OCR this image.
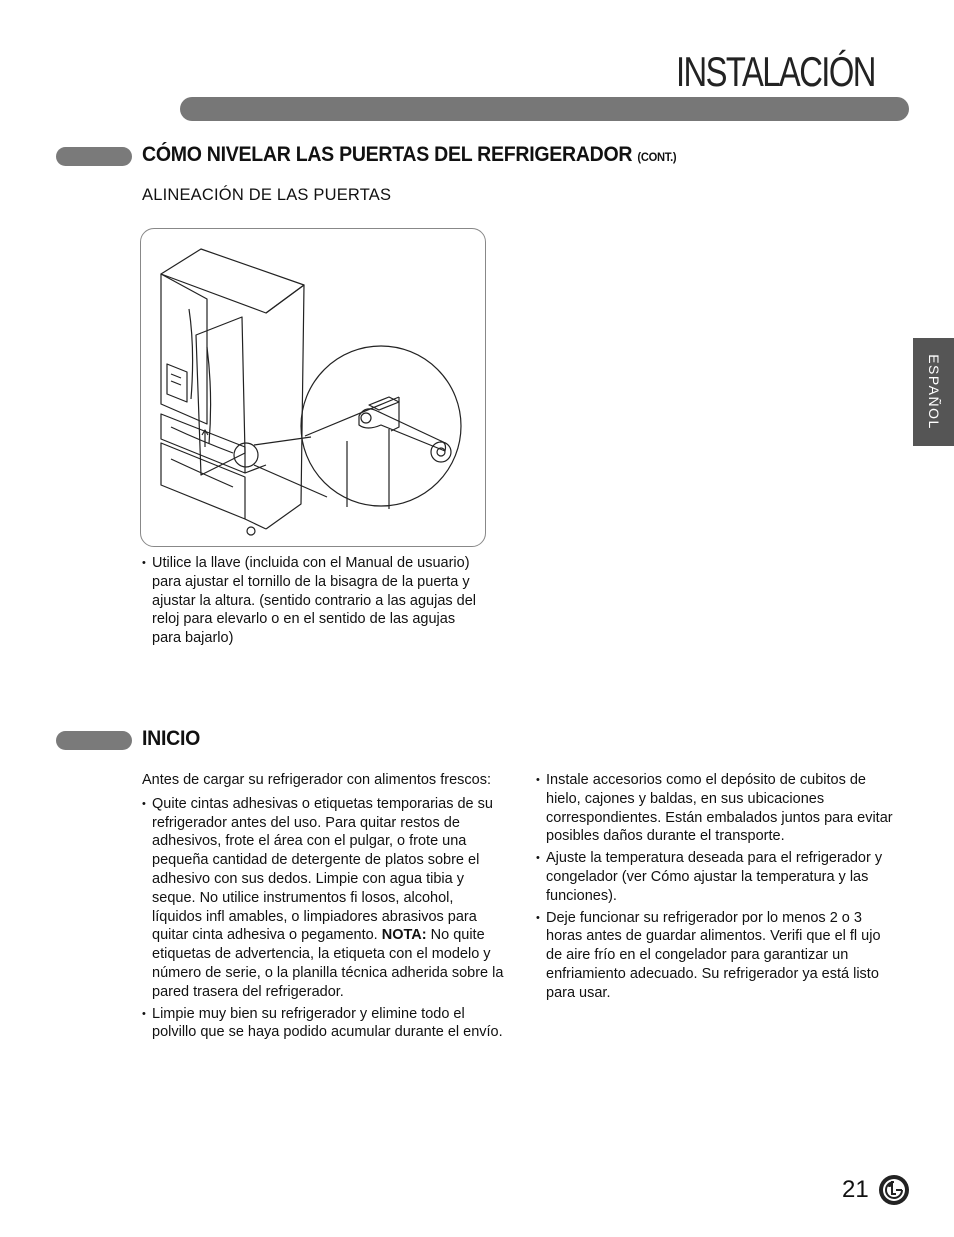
INSTALACIÓN
ESPAÑOL
CÓMO NIVELAR LAS PUERTAS DEL REFRIGERADOR (CONT.)
ALINEACIÓN DE LAS PUERTAS
• Utilice la llave (incluida con el Manual de usuario) para ajustar el tornillo de la bisagra de la puerta y ajustar la altura. (sentido contrario a las agujas del reloj para elevarlo o en el sentido de las agujas para bajarlo)
INICIO
Antes de cargar su refrigerador con alimentos frescos:
• Quite cintas adhesivas o etiquetas temporarias de su refrigerador antes del uso. Para quitar restos de adhesivos, frote el área con el pulgar, o frote una pequeña cantidad de detergente de platos sobre el adhesivo con sus dedos. Limpie con agua tibia y seque. No utilice instrumentos fi losos, alcohol, líquidos infl amables, o limpiadores abrasivos para quitar cinta adhesiva o pegamento. NOTA: No quite etiquetas de advertencia, la etiqueta con el modelo y número de serie, o la planilla técnica adherida sobre la pared trasera del refrigerador.
• Limpie muy bien su refrigerador y elimine todo el polvillo que se haya podido acumular durante el envío.
• Instale accesorios como el depósito de cubitos de hielo, cajones y baldas, en sus ubicaciones correspondientes. Están embalados juntos para evitar posibles daños durante el transporte.
• Ajuste la temperatura deseada para el refrigerador y congelador (ver Cómo ajustar la temperatura y las funciones).
• Deje funcionar su refrigerador por lo menos 2 o 3 horas antes de guardar alimentos. Verifi que el fl ujo de aire frío en el congelador para garantizar un enfriamiento adecuado. Su refrigerador ya está listo para usar.
21
